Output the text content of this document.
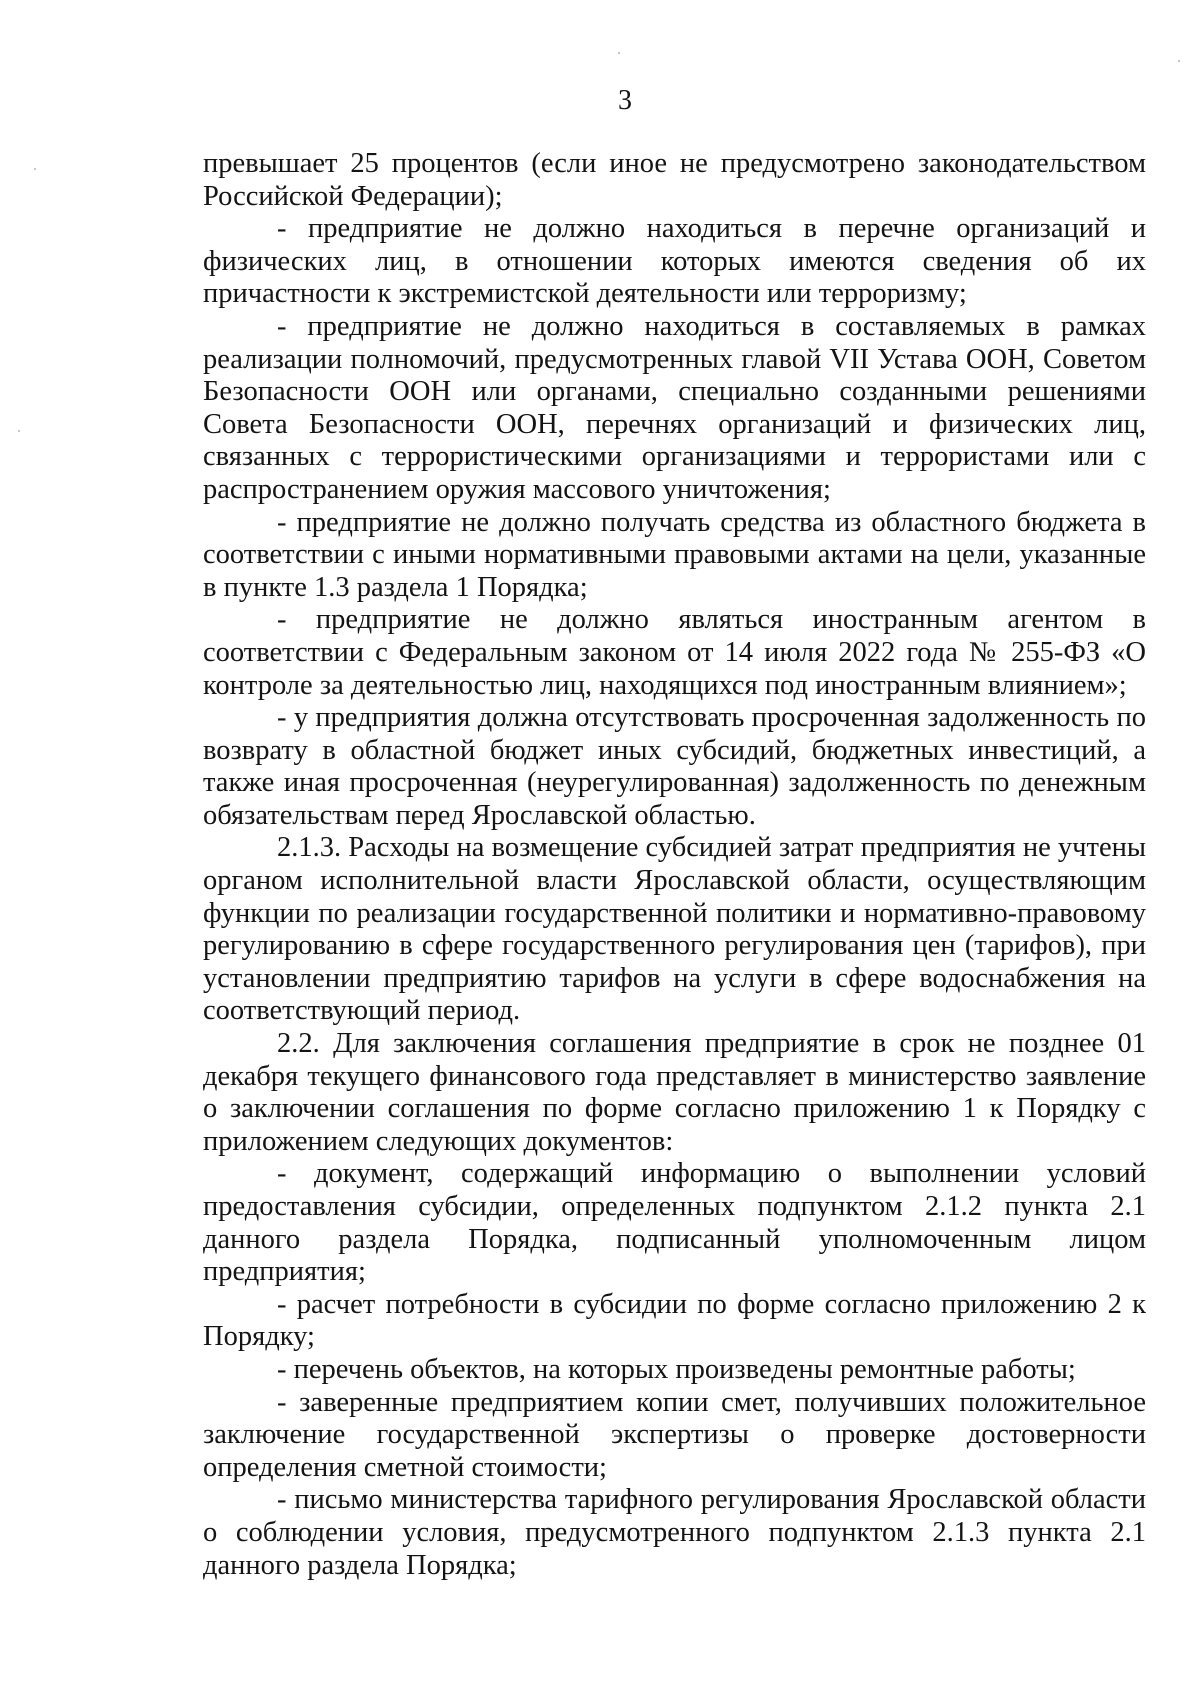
3

превышает 25 процентов (если иное не предусмотрено законодательством Российской Федерации);

- предприятие не должно находиться в перечне организаций и физических лиц, в отношении которых имеются сведения об их причастности к экстремистской деятельности или терроризму;

- предприятие не должно находиться в составляемых в рамках реализации полномочий, предусмотренных главой VII Устава ООН, Советом Безопасности ООН или органами, специально созданными решениями Совета Безопасности ООН, перечнях организаций и физических лиц, связанных с террористическими организациями и террористами или с распространением оружия массового уничтожения;

- предприятие не должно получать средства из областного бюджета в соответствии с иными нормативными правовыми актами на цели, указанные в пункте 1.3 раздела 1 Порядка;

- предприятие не должно являться иностранным агентом в соответствии с Федеральным законом от 14 июля 2022 года № 255-ФЗ «О контроле за деятельностью лиц, находящихся под иностранным влиянием»;

- у предприятия должна отсутствовать просроченная задолженность по возврату в областной бюджет иных субсидий, бюджетных инвестиций, а также иная просроченная (неурегулированная) задолженность по денежным обязательствам перед Ярославской областью.

2.1.3. Расходы на возмещение субсидией затрат предприятия не учтены органом исполнительной власти Ярославской области, осуществляющим функции по реализации государственной политики и нормативно-правовому регулированию в сфере государственного регулирования цен (тарифов), при установлении предприятию тарифов на услуги в сфере водоснабжения на соответствующий период.

2.2. Для заключения соглашения предприятие в срок не позднее 01 декабря текущего финансового года представляет в министерство заявление о заключении соглашения по форме согласно приложению 1 к Порядку с приложением следующих документов:

- документ, содержащий информацию о выполнении условий предоставления субсидии, определенных подпунктом 2.1.2 пункта 2.1 данного раздела Порядка, подписанный уполномоченным лицом предприятия;

- расчет потребности в субсидии по форме согласно приложению 2 к Порядку;

- перечень объектов, на которых произведены ремонтные работы;

- заверенные предприятием копии смет, получивших положительное заключение государственной экспертизы о проверке достоверности определения сметной стоимости;

- письмо министерства тарифного регулирования Ярославской области о соблюдении условия, предусмотренного подпунктом 2.1.3 пункта 2.1 данного раздела Порядка;
